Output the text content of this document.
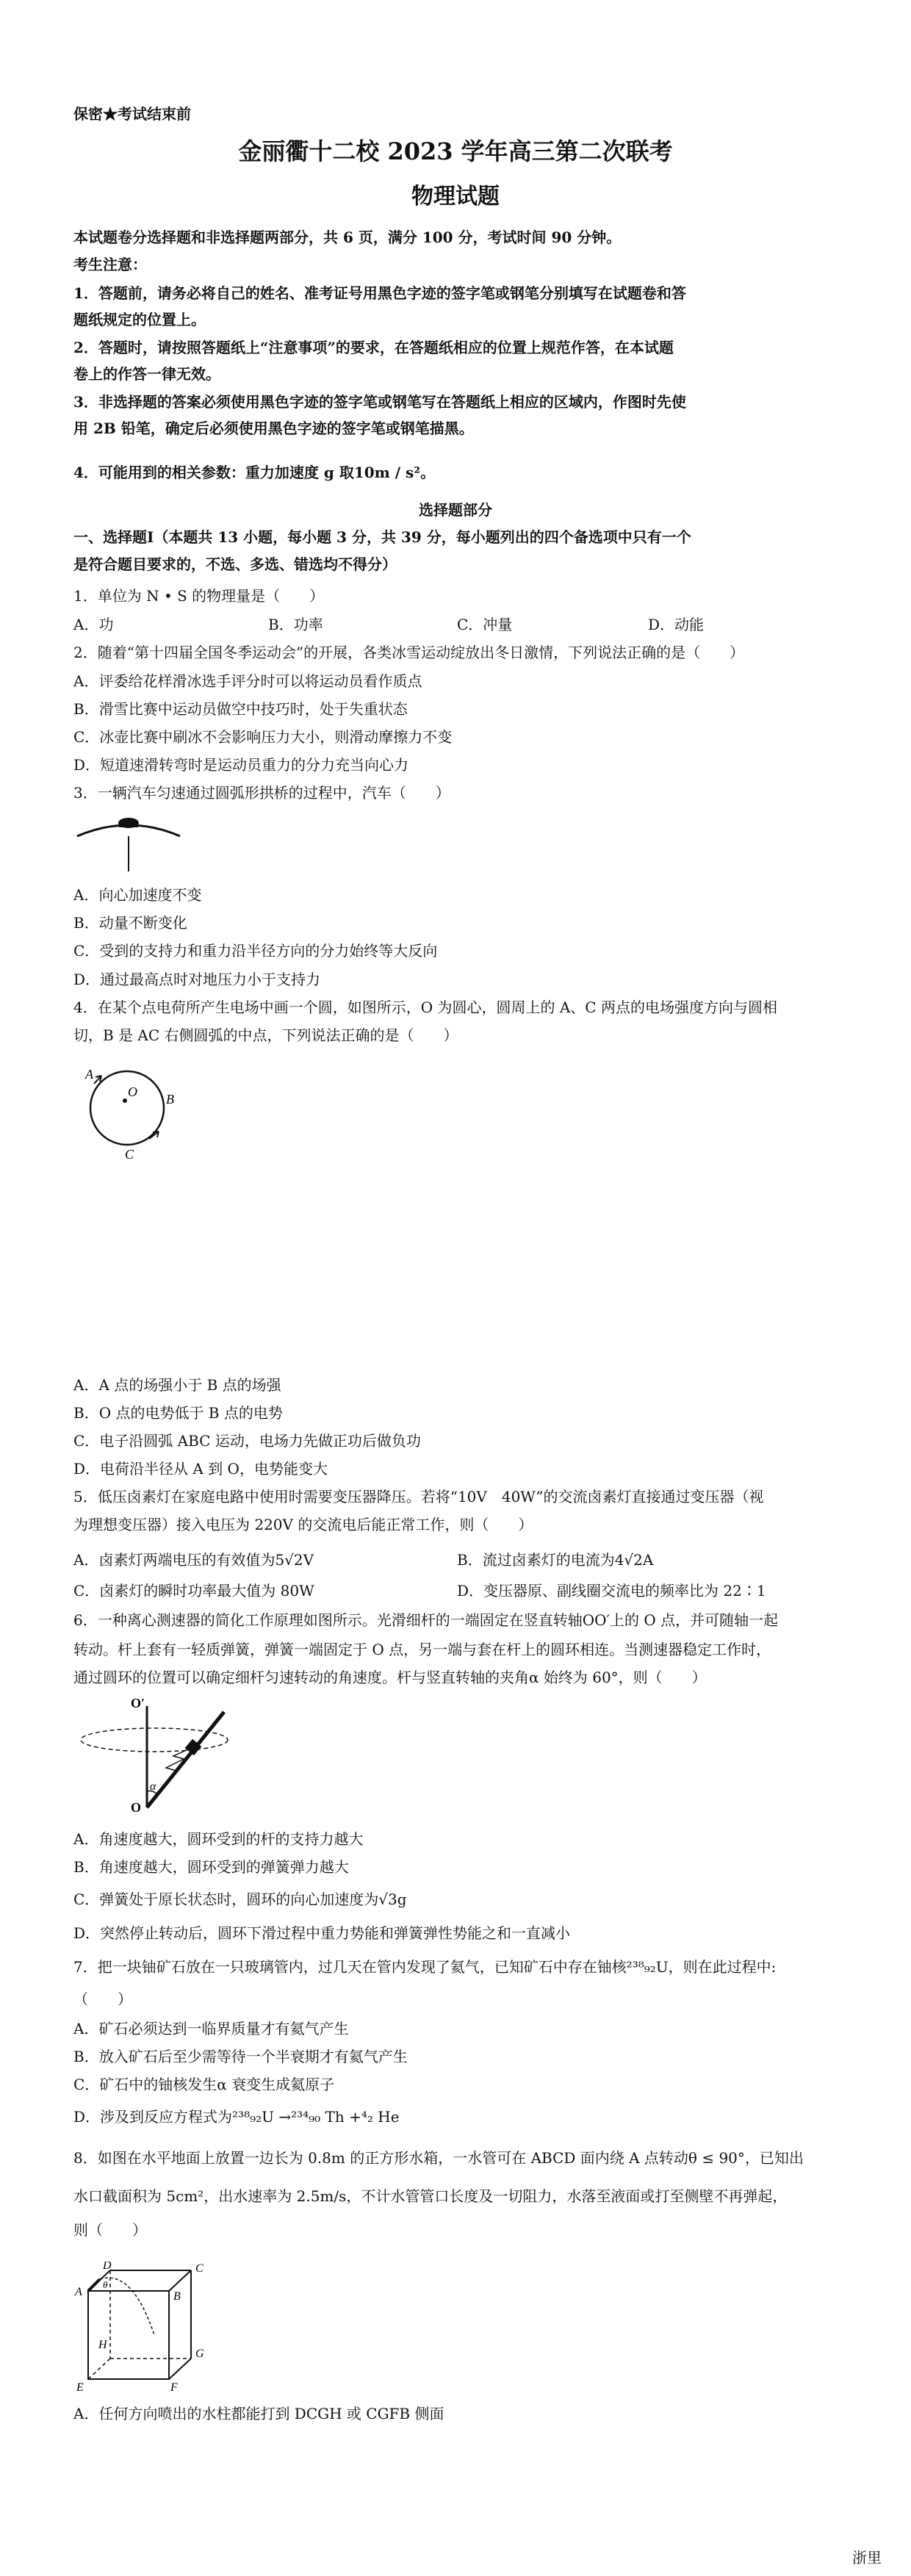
保密★考试结束前
金丽衢十二校 2023 学年高三第二次联考
物理试题
本试题卷分选择题和非选择题两部分，共 6 页，满分 100 分，考试时间 90 分钟。
考生注意：
1．答题前，请务必将自己的姓名、准考证号用黑色字迹的签字笔或钢笔分别填写在试题卷和答
题纸规定的位置上。
2．答题时，请按照答题纸上“注意事项”的要求，在答题纸相应的位置上规范作答，在本试题
卷上的作答一律无效。
3．非选择题的答案必须使用黑色字迹的签字笔或钢笔写在答题纸上相应的区域内，作图时先使
用 2B 铅笔，确定后必须使用黑色字迹的签字笔或钢笔描黑。
4．可能用到的相关参数：重力加速度 g 取10m / s²。
选择题部分
一、选择题Ⅰ（本题共 13 小题，每小题 3 分，共 39 分，每小题列出的四个备选项中只有一个
是符合题目要求的，不选、多选、错选均不得分）
1．单位为 N • S 的物理量是（　　）
A．功	B．功率	C．冲量	D．动能
2．随着“第十四届全国冬季运动会”的开展，各类冰雪运动绽放出冬日激情，下列说法正确的是（　　）
A．评委给花样滑冰选手评分时可以将运动员看作质点
B．滑雪比赛中运动员做空中技巧时，处于失重状态
C．冰壶比赛中刷冰不会影响压力大小，则滑动摩擦力不变
D．短道速滑转弯时是运动员重力的分力充当向心力
3．一辆汽车匀速通过圆弧形拱桥的过程中，汽车（　　）
A．向心加速度不变
B．动量不断变化
C．受到的支持力和重力沿半径方向的分力始终等大反向
D．通过最高点时对地压力小于支持力
4．在某个点电荷所产生电场中画一个圆，如图所示，O 为圆心，圆周上的 A、C 两点的电场强度方向与圆相
切，B 是 AC 右侧圆弧的中点，下列说法正确的是（　　）
A
O B
C
A．A 点的场强小于 B 点的场强
B．O 点的电势低于 B 点的电势
C．电子沿圆弧 ABC 运动，电场力先做正功后做负功
D．电荷沿半径从 A 到 O，电势能变大
5．低压卤素灯在家庭电路中使用时需要变压器降压。若将“10V　40W”的交流卤素灯直接通过变压器（视
为理想变压器）接入电压为 220V 的交流电后能正常工作，则（　　）
A．卤素灯两端电压的有效值为5√2V	B．流过卤素灯的电流为4√2A
C．卤素灯的瞬时功率最大值为 80W	D．变压器原、副线圈交流电的频率比为 22∶1
6．一种离心测速器的简化工作原理如图所示。光滑细杆的一端固定在竖直转轴OO′上的 O 点，并可随轴一起
转动。杆上套有一轻质弹簧，弹簧一端固定于 O 点，另一端与套在杆上的圆环相连。当测速器稳定工作时，
通过圆环的位置可以确定细杆匀速转动的角速度。杆与竖直转轴的夹角α 始终为 60°，则（　　）
O′
O
α
A．角速度越大，圆环受到的杆的支持力越大
B．角速度越大，圆环受到的弹簧弹力越大
C．弹簧处于原长状态时，圆环的向心加速度为√3g
D．突然停止转动后，圆环下滑过程中重力势能和弹簧弹性势能之和一直减小
7．把一块铀矿石放在一只玻璃管内，过几天在管内发现了氦气，已知矿石中存在铀核²³⁸₉₂U，则在此过程中:
（　　）
A．矿石必须达到一临界质量才有氦气产生
B．放入矿石后至少需等待一个半衰期才有氦气产生
C．矿石中的铀核发生α 衰变生成氦原子
D．涉及到反应方程式为²³⁸₉₂U →²³⁴₉₀ Th +⁴₂ He
8．如图在水平地面上放置一边长为 0.8m 的正方形水箱，一水管可在 ABCD 面内绕 A 点转动θ ≤ 90°，已知出
水口截面积为 5cm²，出水速率为 2.5m/s，不计水管管口长度及一切阻力，水落至液面或打至侧壁不再弹起，
则（　　）
A
D
θ
C
B
H
G
E	F
A．任何方向喷出的水柱都能打到 DCGH 或 CGFB 侧面
浙里
